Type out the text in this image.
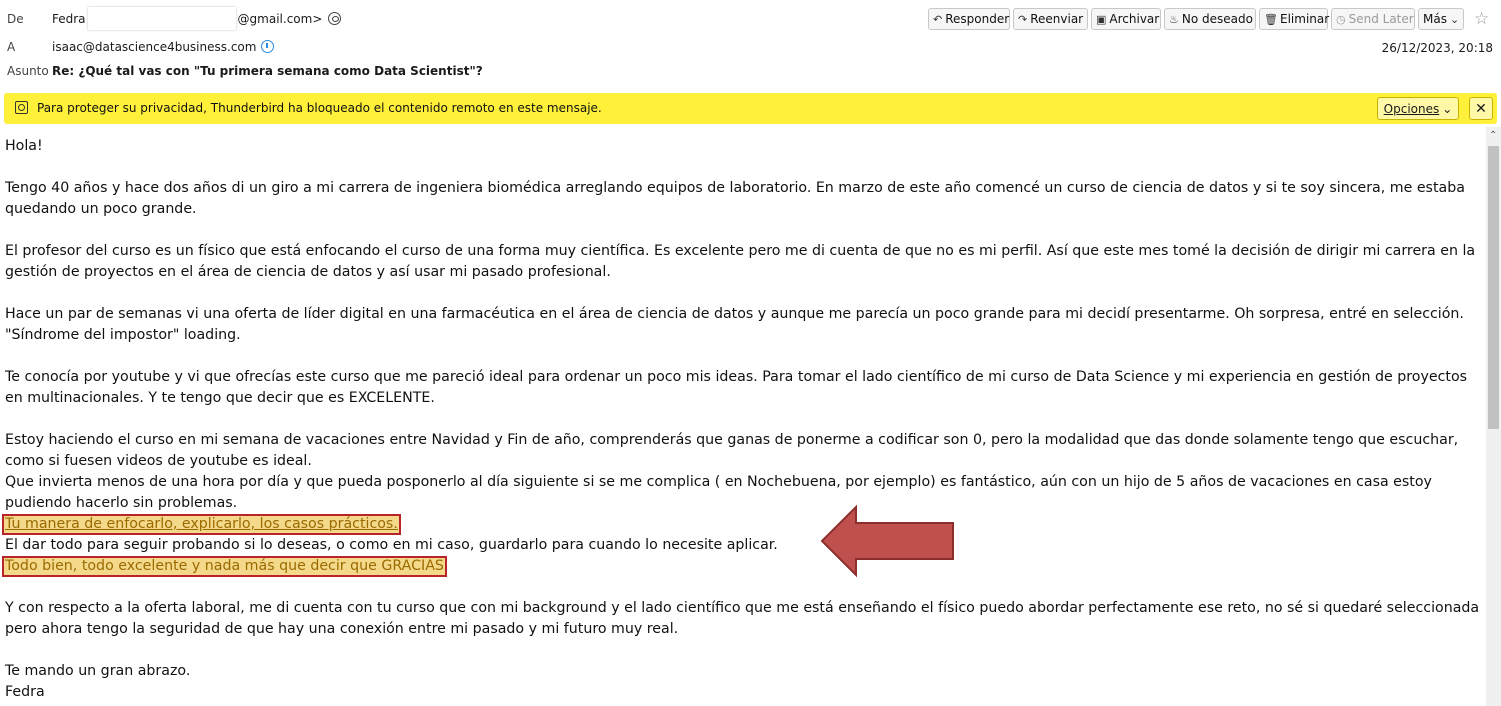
De Fedra	@gmail.com>	↶ Responder ↷ Reenviar ▣ Archivar ♨ No deseado 🗑 Eliminar ◷ Send Later Más ⌄ ☆
A	isaac@datascience4business.com	26/12/2023, 20:18
Asunto Re: ¿Qué tal vas con "Tu primera semana como Data Scientist"?
Para proteger su privacidad, Thunderbird ha bloqueado el contenido remoto en este mensaje.	Opciones ⌄	✕

Hola!

Tengo 40 años y hace dos años di un giro a mi carrera de ingeniera biomédica arreglando equipos de laboratorio. En marzo de este año comencé un curso de ciencia de datos y si te soy sincera, me estaba quedando un poco grande.

El profesor del curso es un físico que está enfocando el curso de una forma muy científica. Es excelente pero me di cuenta de que no es mi perfil. Así que este mes tomé la decisión de dirigir mi carrera en la gestión de proyectos en el área de ciencia de datos y así usar mi pasado profesional.

Hace un par de semanas vi una oferta de líder digital en una farmacéutica en el área de ciencia de datos y aunque me parecía un poco grande para mi decidí presentarme. Oh sorpresa, entré en selección. "Síndrome del impostor" loading.

Te conocía por youtube y vi que ofrecías este curso que me pareció ideal para ordenar un poco mis ideas. Para tomar el lado científico de mi curso de Data Science y mi experiencia en gestión de proyectos en multinacionales. Y te tengo que decir que es EXCELENTE.

Estoy haciendo el curso en mi semana de vacaciones entre Navidad y Fin de año, comprenderás que ganas de ponerme a codificar son 0, pero la modalidad que das donde solamente tengo que escuchar, como si fuesen videos de youtube es ideal.

Que invierta menos de una hora por día y que pueda posponerlo al día siguiente si se me complica ( en Nochebuena, por ejemplo) es fantástico, aún con un hijo de 5 años de vacaciones en casa estoy pudiendo hacerlo sin problemas.

Tu manera de enfocarlo, explicarlo, los casos prácticos.

El dar todo para seguir probando si lo deseas, o como en mi caso, guardarlo para cuando lo necesite aplicar.

Todo bien, todo excelente y nada más que decir que GRACIAS

Y con respecto a la oferta laboral, me di cuenta con tu curso que con mi background y el lado científico que me está enseñando el físico puedo abordar perfectamente ese reto, no sé si quedaré seleccionada pero ahora tengo la seguridad de que hay una conexión entre mi pasado y mi futuro muy real.

Te mando un gran abrazo.

Fedra

⌃
